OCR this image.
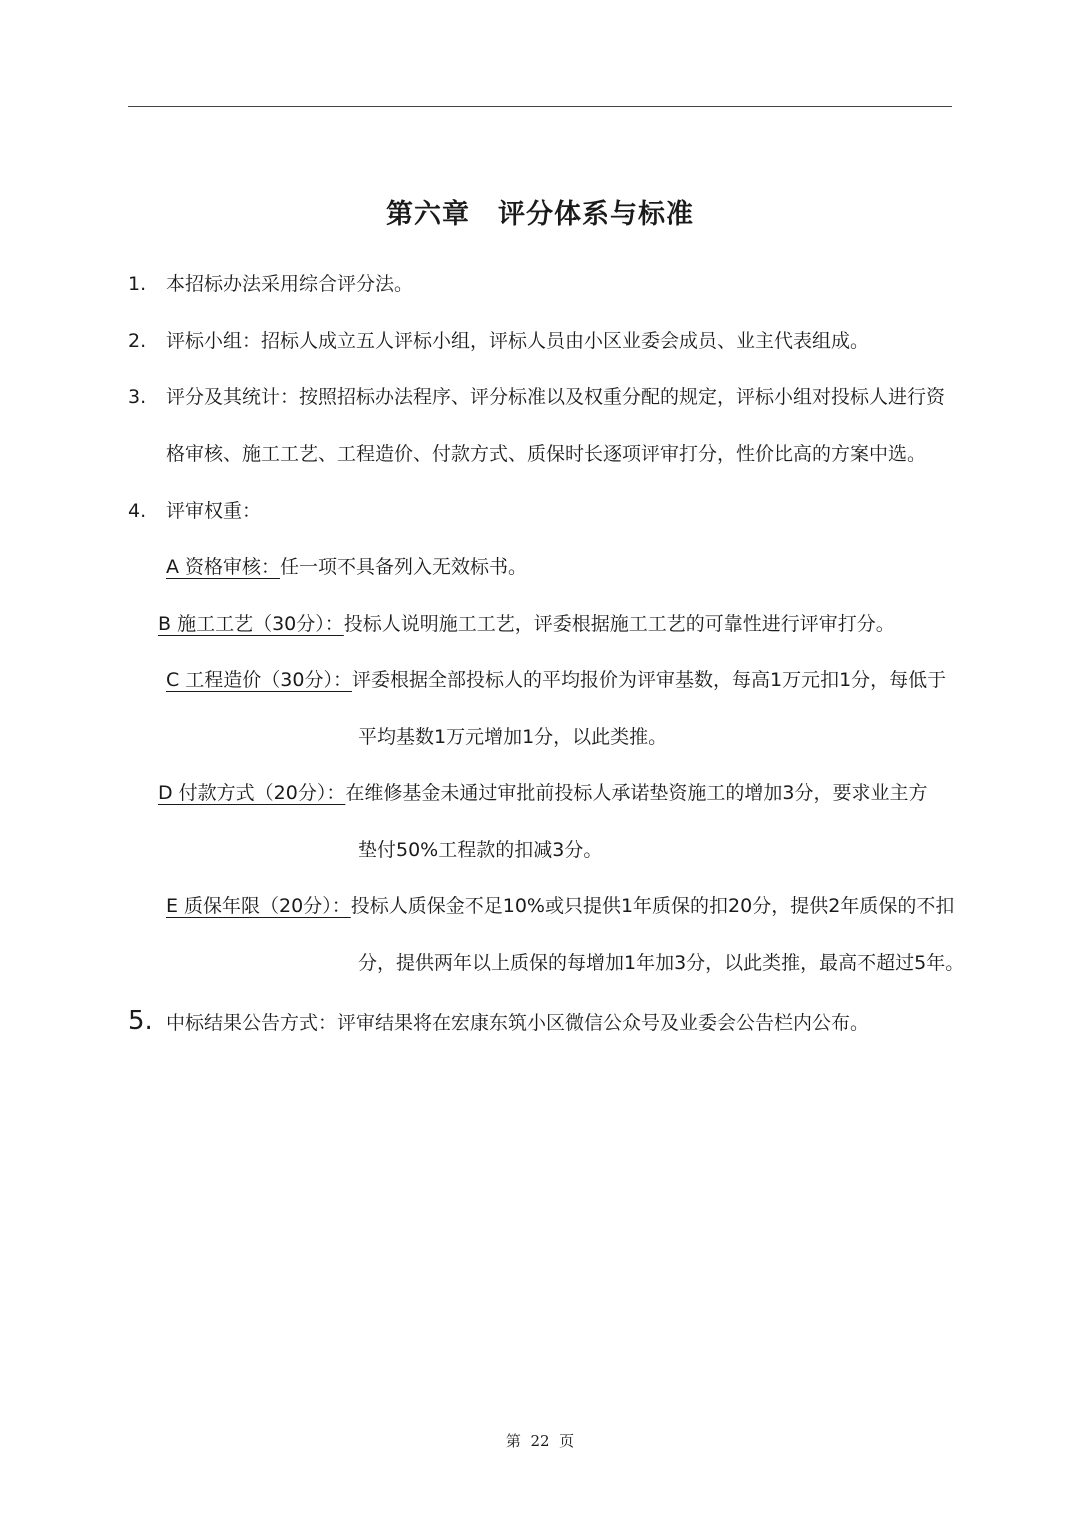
第六章　评分体系与标准
1. 本招标办法采用综合评分法。
2. 评标小组：招标人成立五人评标小组，评标人员由小区业委会成员、业主代表组成。
3. 评分及其统计：按照招标办法程序、评分标准以及权重分配的规定，评标小组对投标人进行资
格审核、施工工艺、工程造价、付款方式、质保时长逐项评审打分，性价比高的方案中选。
4. 评审权重：
A 资格审核：任一项不具备列入无效标书。
B 施工工艺（30分）：投标人说明施工工艺，评委根据施工工艺的可靠性进行评审打分。
C 工程造价（30分）：评委根据全部投标人的平均报价为评审基数，每高1万元扣1分，每低于
平均基数1万元增加1分，以此类推。
D 付款方式（20分）：在维修基金未通过审批前投标人承诺垫资施工的增加3分，要求业主方
垫付50%工程款的扣减3分。
E 质保年限（20分）：投标人质保金不足10%或只提供1年质保的扣20分，提供2年质保的不扣
分，提供两年以上质保的每增加1年加3分，以此类推，最高不超过5年。
5. 中标结果公告方式：评审结果将在宏康东筑小区微信公众号及业委会公告栏内公布。
第  22  页
